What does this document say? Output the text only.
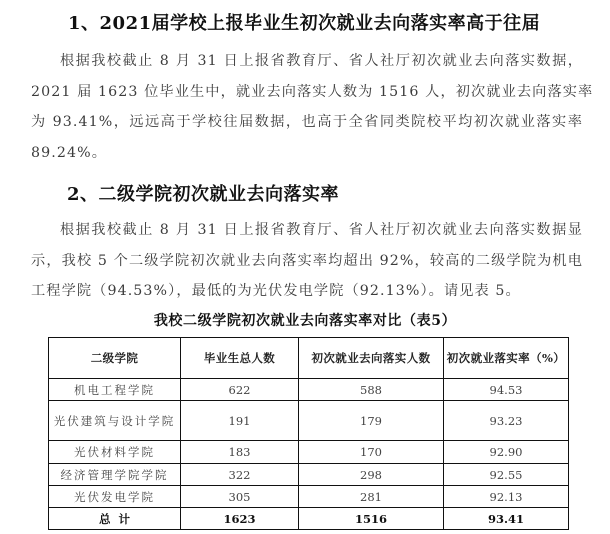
1、2021届学校上报毕业生初次就业去向落实率高于往届
根据我校截止 8 月 31 日上报省教育厅、省人社厅初次就业去向落实数据，
2021 届 1623 位毕业生中，就业去向落实人数为 1516 人，初次就业去向落实率
为 93.41%，远远高于学校往届数据，也高于全省同类院校平均初次就业落实率
89.24%。
2、二级学院初次就业去向落实率
根据我校截止 8 月 31 日上报省教育厅、省人社厅初次就业去向落实数据显
示，我校 5 个二级学院初次就业去向落实率均超出 92%，较高的二级学院为机电
工程学院（94.53%），最低的为光伏发电学院（92.13%）。请见表 5。
我校二级学院初次就业去向落实率对比（表5）
二级学院	毕业生总人数	初次就业去向落实人数	初次就业落实率（%）
机电工程学院	622	588	94.53
光伏建筑与设计学院	191	179	93.23
光伏材料学院	183	170	92.90
经济管理学院学院	322	298	92.55
光伏发电学院	305	281	92.13
总  计	1623	1516	93.41
